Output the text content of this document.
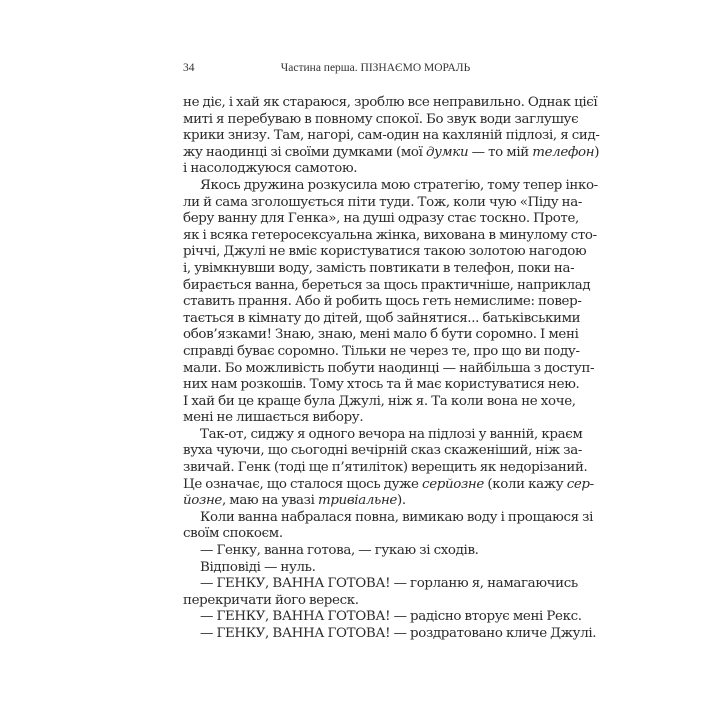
34	Частина перша. ПІЗНАЄМО МОРАЛЬ
не діє, і хай як стараюся, зроблю все неправильно. Однак цієї
миті я перебуваю в повному спокої. Бо звук води заглушує
крики знизу. Там, нагорі, сам-один на кахляній підлозі, я сид-
жу наодинці зі своїми думками (мої думки — то мій телефон)
і насолоджуюся самотою.
Якось дружина розкусила мою стратегію, тому тепер інко-
ли й сама зголошується піти туди. Тож, коли чую «Піду на-
беру ванну для Генка», на душі одразу стає тоскно. Проте,
як і всяка гетеросексуальна жінка, вихована в минулому сто-
річчі, Джулі не вміє користуватися такою золотою нагодою
і, увімкнувши воду, замість повтикати в телефон, поки на-
бирається ванна, береться за щось практичніше, наприклад
ставить прання. Або й робить щось геть немислиме: повер-
тається в кімнату до дітей, щоб зайнятися... батьківськими
обов’язками! Знаю, знаю, мені мало б бути соромно. І мені
справді буває соромно. Тільки не через те, про що ви поду-
мали. Бо можливість побути наодинці — найбільша з доступ-
них нам розкошів. Тому хтось та й має користуватися нею.
І хай би це краще була Джулі, ніж я. Та коли вона не хоче,
мені не лишається вибору.
Так-от, сиджу я одного вечора на підлозі у ванній, краєм
вуха чуючи, що сьогодні вечірній сказ скаженіший, ніж за-
звичай. Генк (тоді ще п’ятиліток) верещить як недорізаний.
Це означає, що сталося щось дуже серйозне (коли кажу сер-
йозне, маю на увазі тривіальне).
Коли ванна набралася повна, вимикаю воду і прощаюся зі
своїм спокоєм.
— Генку, ванна готова, — гукаю зі сходів.
Відповіді — нуль.
— ГЕНКУ, ВАННА ГОТОВА! — горланю я, намагаючись
перекричати його вереск.
— ГЕНКУ, ВАННА ГОТОВА! — радісно вторує мені Рекс.
— ГЕНКУ, ВАННА ГОТОВА! — роздратовано кличе Джулі.
